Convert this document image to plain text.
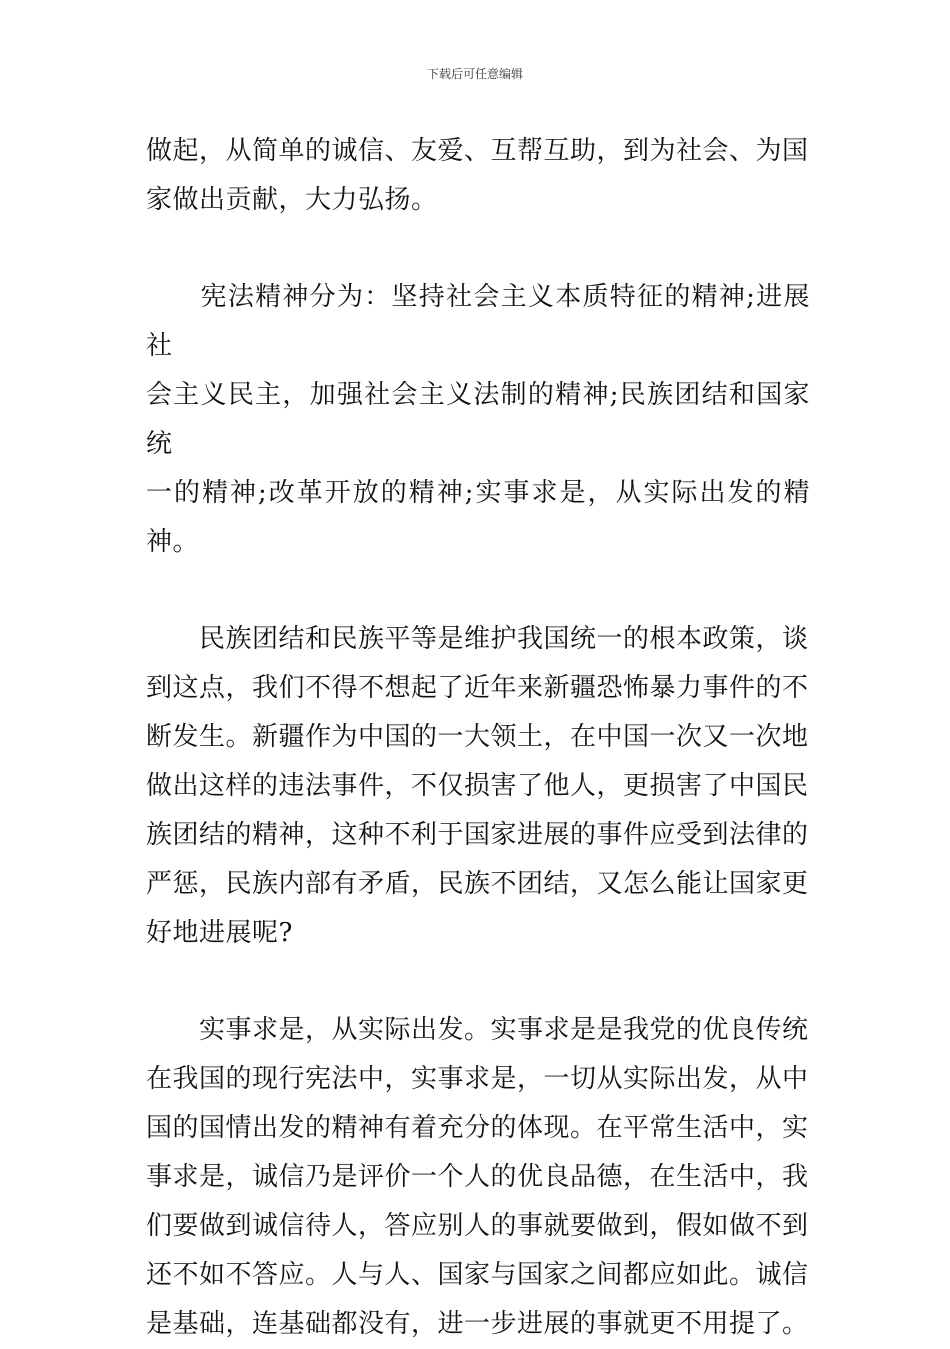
下载后可任意编辑

做起，从简单的诚信、友爱、互帮互助，到为社会、为国
家做出贡献，大力弘扬。

　　宪法精神分为：坚持社会主义本质特征的精神;进展社
会主义民主，加强社会主义法制的精神;民族团结和国家统
一的精神;改革开放的精神;实事求是，从实际出发的精神。

　　民族团结和民族平等是维护我国统一的根本政策，谈
到这点，我们不得不想起了近年来新疆恐怖暴力事件的不
断发生。新疆作为中国的一大领土，在中国一次又一次地
做出这样的违法事件，不仅损害了他人，更损害了中国民
族团结的精神，这种不利于国家进展的事件应受到法律的
严惩，民族内部有矛盾，民族不团结，又怎么能让国家更
好地进展呢?

　　实事求是，从实际出发。实事求是是我党的优良传统
在我国的现行宪法中，实事求是，一切从实际出发，从中
国的国情出发的精神有着充分的体现。在平常生活中，实
事求是，诚信乃是评价一个人的优良品德，在生活中，我
们要做到诚信待人，答应别人的事就要做到，假如做不到
还不如不答应。人与人、国家与国家之间都应如此。诚信
是基础，连基础都没有，进一步进展的事就更不用提了。
